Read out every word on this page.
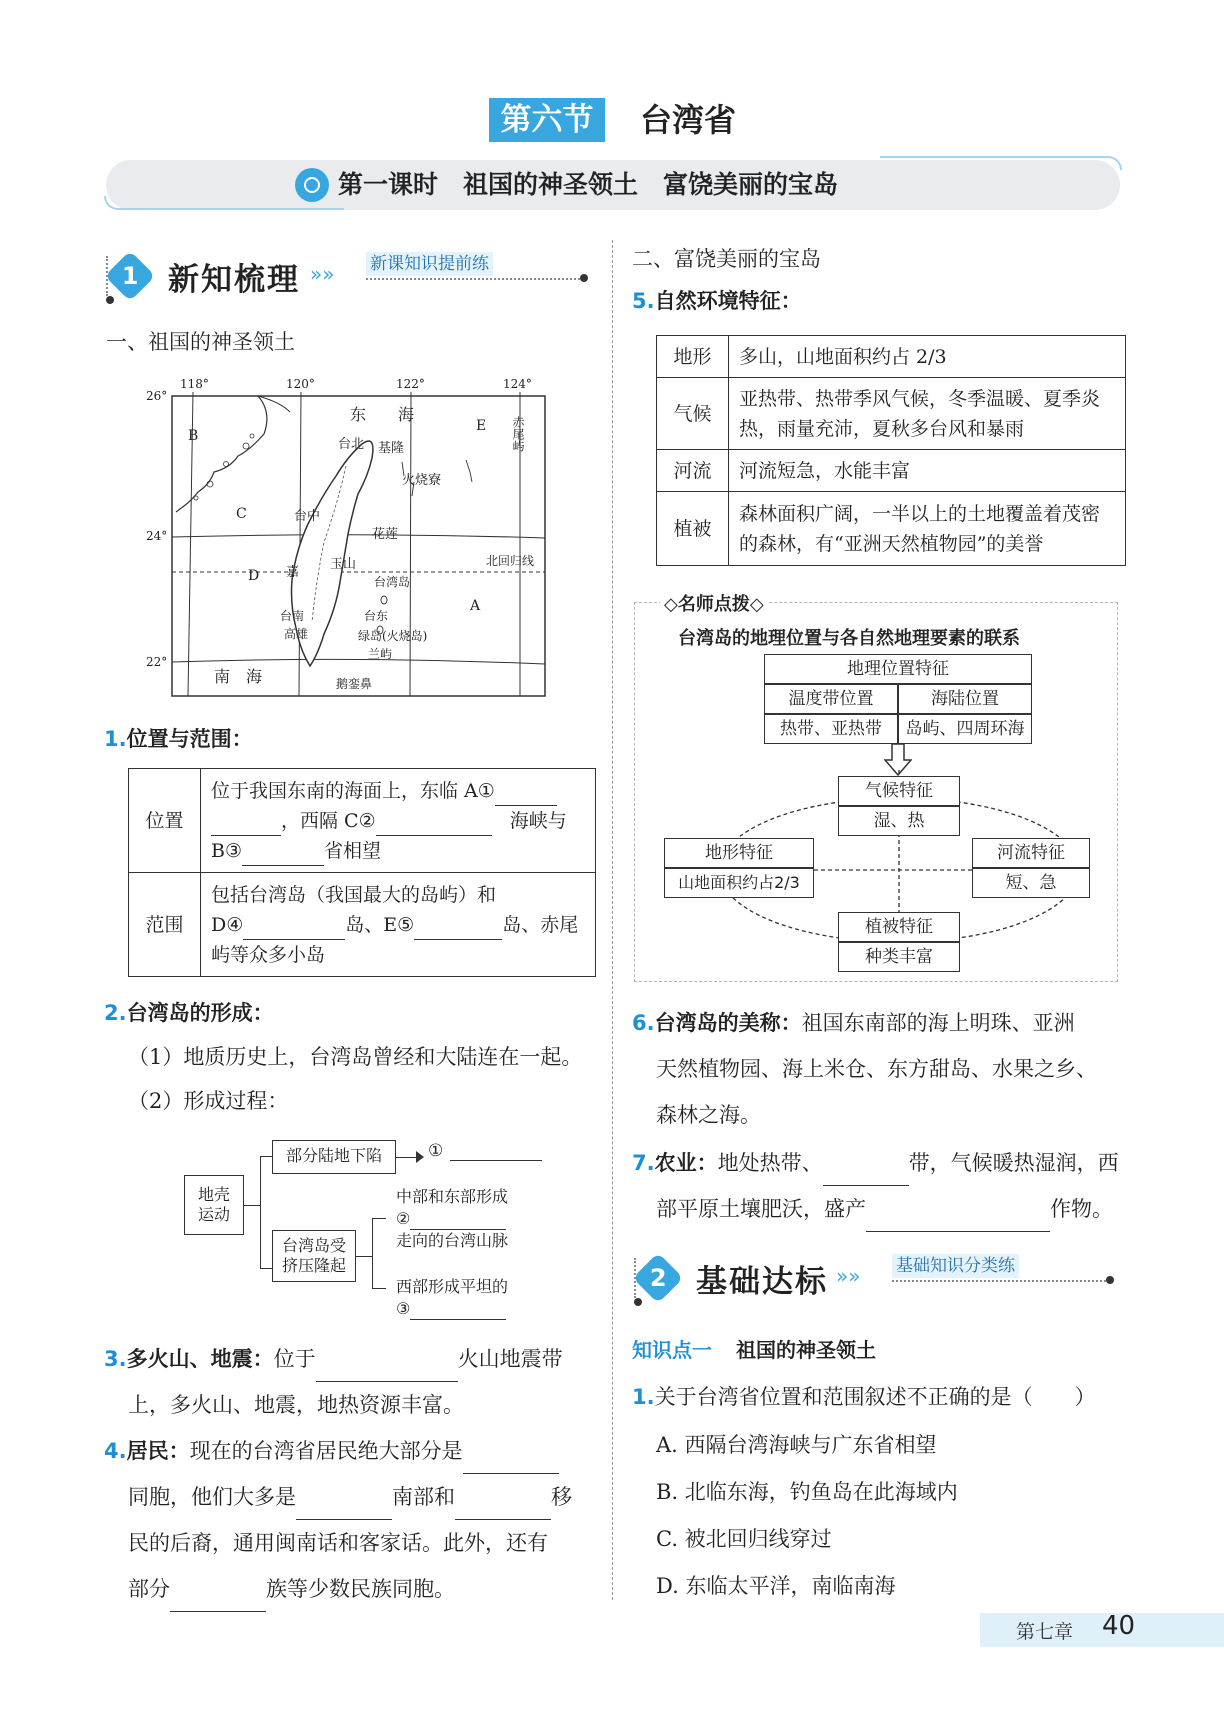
第六节	台湾省
第一课时　祖国的神圣领土　富饶美丽的宝岛
1 新知梳理 »» 新课知识提前练
一、祖国的神圣领土
118°	120°	122°	124°
26°
24°
22°
B
C
D
E
A
东　　海
南　海
赤尾屿
台北 基隆
火烧寮
台中
花莲
玉山
嘉
北回归线
台湾岛
台南	台东
高雄	绿岛(火烧岛)
兰屿
鹅銮鼻
1.位置与范围：
位置	位于我国东南的海面上，东临 A①
，西隔 C② 海峡与
B③ 省相望
范围	包括台湾岛（我国最大的岛屿）和
D④ 岛、E⑤ 岛、赤尾
屿等众多小岛
2.台湾岛的形成：
（1）地质历史上，台湾岛曾经和大陆连在一起。
（2）形成过程：
地壳
运动
部分陆地下陷	①
台湾岛受
挤压隆起
中部和东部形成
②
走向的台湾山脉
西部形成平坦的
③
3.多火山、地震：位于	火山地震带
上，多火山、地震，地热资源丰富。
4.居民：现在的台湾省居民绝大部分是
同胞，他们大多是	南部和	移
民的后裔，通用闽南话和客家话。此外，还有
部分	族等少数民族同胞。
二、富饶美丽的宝岛
5.自然环境特征：
地形	多山，山地面积约占 2/3
气候	亚热带、热带季风气候，冬季温暖、夏季炎热，雨量充沛，夏秋多台风和暴雨
河流	河流短急，水能丰富
植被	森林面积广阔，一半以上的土地覆盖着茂密的森林，有“亚洲天然植物园”的美誉
◇名师点拨◇
台湾岛的地理位置与各自然地理要素的联系
地理位置特征
温度带位置	海陆位置
热带、亚热带	岛屿、四周环海
气候特征
湿、热
地形特征
山地面积约占2/3
河流特征
短、急
植被特征
种类丰富
6.台湾岛的美称：祖国东南部的海上明珠、亚洲
天然植物园、海上米仓、东方甜岛、水果之乡、
森林之海。
7.农业：地处热带、	带，气候暖热湿润，西
部平原土壤肥沃，盛产	作物。
2 基础达标 »» 基础知识分类练
知识点一 祖国的神圣领土
1.关于台湾省位置和范围叙述不正确的是（　　）
A. 西隔台湾海峡与广东省相望
B. 北临东海，钓鱼岛在此海域内
C. 被北回归线穿过
D. 东临太平洋，南临南海
第七章 40
